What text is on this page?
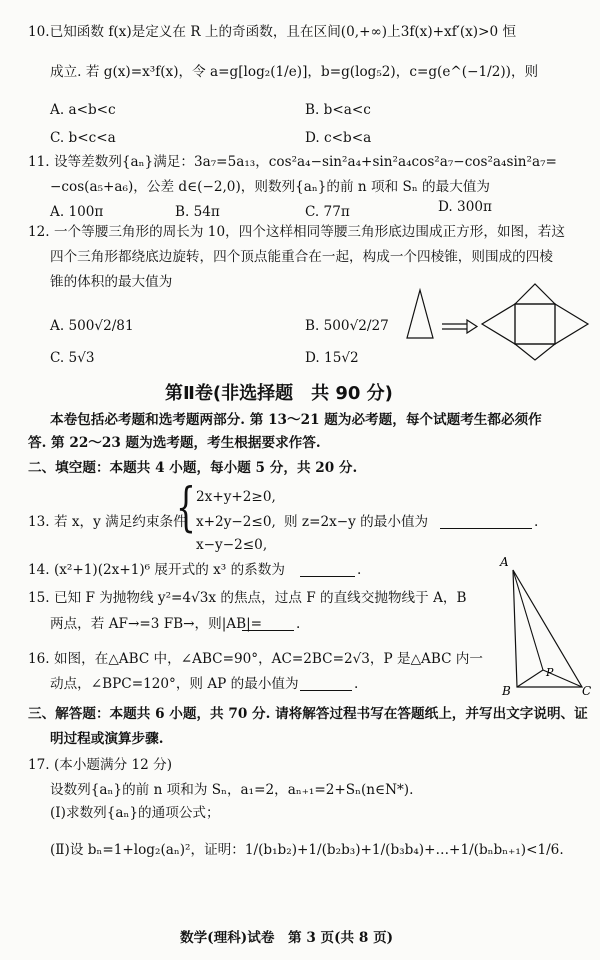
10.已知函数 f(x)是定义在 R 上的奇函数，且在区间(0,+∞)上3f(x)+xf′(x)>0 恒
成立. 若 g(x)=x³f(x)，令 a=g[log₂(1/e)]，b=g(log₅2)，c=g(e^(−1/2))，则
A. a<b<c	B. b<a<c
C. b<c<a	D. c<b<a
11. 设等差数列{aₙ}满足：3a₇=5a₁₃，cos²a₄−sin²a₄+sin²a₄cos²a₇−cos²a₄sin²a₇=
−cos(a₅+a₆)，公差 d∈(−2,0)，则数列{aₙ}的前 n 项和 Sₙ 的最大值为
A. 100π	B. 54π	C. 77π	D. 300π
12. 一个等腰三角形的周长为 10，四个这样相同等腰三角形底边围成正方形，如图，若这
四个三角形都绕底边旋转，四个顶点能重合在一起，构成一个四棱锥，则围成的四棱
锥的体积的最大值为
A. 500√2/81	B. 500√2/27
C. 5√3	D. 15√2
第Ⅱ卷(非选择题　共 90 分)
本卷包括必考题和选考题两部分. 第 13～21 题为必考题，每个试题考生都必须作
答. 第 22～23 题为选考题，考生根据要求作答.
二、填空题：本题共 4 小题，每小题 5 分，共 20 分.
13. 若 x，y 满足约束条件
{ 2x+y+2≥0,
x+2y−2≤0,
x−y−2≤0,
则 z=2x−y 的最小值为	.
14. (x²+1)(2x+1)⁶ 展开式的 x³ 的系数为	.
15. 已知 F 为抛物线 y²=4√3x 的焦点，过点 F 的直线交抛物线于 A，B
两点，若 AF→=3 FB→，则|AB|= .
16. 如图，在△ABC 中，∠ABC=90°，AC=2BC=2√3，P 是△ABC 内一
动点，∠BPC=120°，则 AP 的最小值为	.
A
B	C
P
三、解答题：本题共 6 小题，共 70 分. 请将解答过程书写在答题纸上，并写出文字说明、证
明过程或演算步骤.
17. (本小题满分 12 分)
设数列{aₙ}的前 n 项和为 Sₙ，a₁=2，aₙ₊₁=2+Sₙ(n∈N*).
(Ⅰ)求数列{aₙ}的通项公式；
(Ⅱ)设 bₙ=1+log₂(aₙ)²，证明：1/(b₁b₂)+1/(b₂b₃)+1/(b₃b₄)+…+1/(bₙbₙ₊₁)<1/6.
数学(理科)试卷　第 3 页(共 8 页)
